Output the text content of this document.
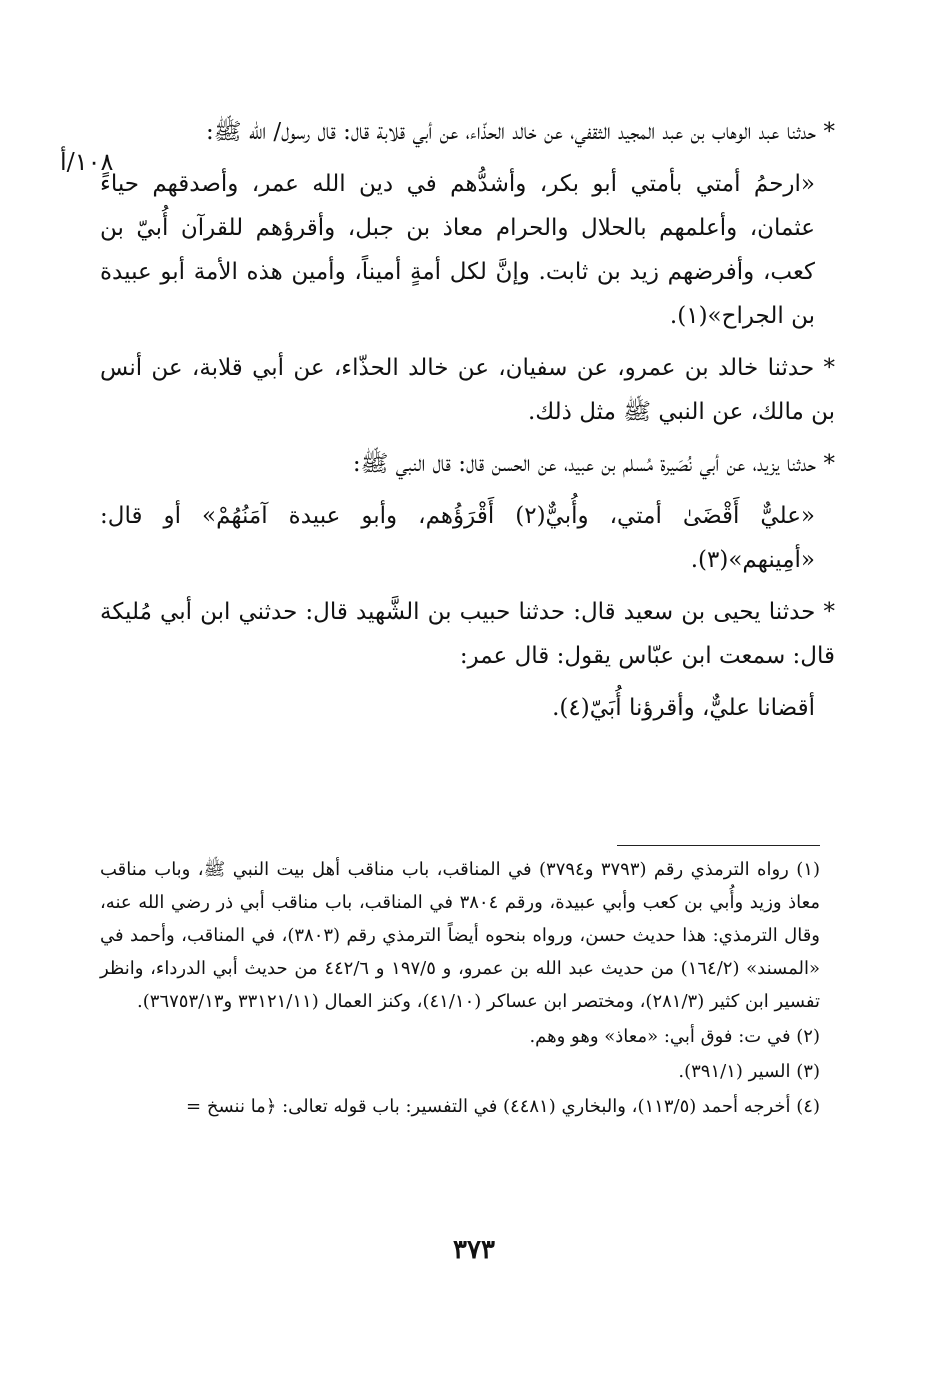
١٠٨/أ

* حدثنا عبد الوهاب بن عبد المجيد الثقفي، عن خالد الحذّاء، عن أبي قلابة قال: قال رسول/ الله ﷺ:

«ارحمُ أمتي بأمتي أبو بكر، وأشدُّهم في دين الله عمر، وأصدقهم حياءً عثمان، وأعلمهم بالحلال والحرام معاذ بن جبل، وأقرؤهم للقرآن أُبيّ بن كعب، وأفرضهم زيد بن ثابت. وإنَّ لكل أمةٍ أميناً، وأمين هذه الأمة أبو عبيدة بن الجراح»(١).

* حدثنا خالد بن عمرو، عن سفيان، عن خالد الحذّاء، عن أبي قلابة، عن أنس بن مالك، عن النبي ﷺ مثل ذلك.

* حدثنا يزيد، عن أبي نُصَيرة مُسلم بن عبيد، عن الحسن قال: قال النبي ﷺ:

«عليٌّ أَقْضَىٰ أمتي، وأُبيٌّ(٢) أَقْرَؤُهم، وأبو عبيدة آمَنُهُمْ» أو قال: «أمِينهم»(٣).

* حدثنا يحيى بن سعيد قال: حدثنا حبيب بن الشَّهيد قال: حدثني ابن أبي مُليكة قال: سمعت ابن عبّاس يقول: قال عمر:

أقضانا عليٌّ، وأقرؤنا أُبَيّ(٤).

(١) رواه الترمذي رقم (٣٧٩٣ و٣٧٩٤) في المناقب، باب مناقب أهل بيت النبي ﷺ، وباب مناقب معاذ وزيد وأُبي بن كعب وأبي عبيدة، ورقم ٣٨٠٤ في المناقب، باب مناقب أبي ذر رضي الله عنه، وقال الترمذي: هذا حديث حسن، ورواه بنحوه أيضاً الترمذي رقم (٣٨٠٣)، في المناقب، وأحمد في «المسند» (١٦٤/٢) من حديث عبد الله بن عمرو، و ١٩٧/٥ و ٤٤٢/٦ من حديث أبي الدرداء، وانظر تفسير ابن كثير (٢٨١/٣)، ومختصر ابن عساكر (٤١/١٠)، وكنز العمال (٣٣١٢١/١١ و٣٦٧٥٣/١٣).

(٢) في ت: فوق أبي: «معاذ» وهو وهم.

(٣) السير (٣٩١/١).

(٤) أخرجه أحمد (١١٣/٥)، والبخاري (٤٤٨١) في التفسير: باب قوله تعالى: ﴿ما ننسخ =

٣٧٣
